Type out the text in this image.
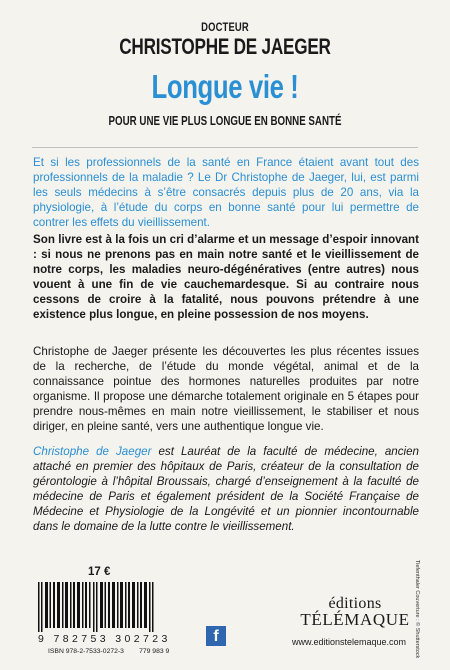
DOCTEUR
CHRISTOPHE DE JAEGER
Longue vie !
POUR UNE VIE PLUS LONGUE EN BONNE SANTÉ
Et si les professionnels de la santé en France étaient avant tout des professionnels de la maladie ? Le Dr Christophe de Jaeger, lui, est parmi les seuls médecins à s’être consacrés depuis plus de 20 ans, via la physiologie, à l’étude du corps en bonne santé pour lui permettre de contrer les effets du vieillissement.
Son livre est à la fois un cri d’alarme et un message d’espoir innovant : si nous ne prenons pas en main notre santé et le vieillissement de notre corps, les maladies neuro-dégénératives (entre autres) nous vouent à une fin de vie cauchemardesque. Si au contraire nous cessons de croire à la fatalité, nous pouvons prétendre à une existence plus longue, en pleine possession de nos moyens.
Christophe de Jaeger présente les découvertes les plus récentes issues de la recherche, de l’étude du monde végétal, animal et de la connaissance pointue des hormones naturelles produites par notre organisme. Il propose une démarche totalement originale en 5 étapes pour prendre nous-mêmes en main notre vieillissement, le stabiliser et nous diriger, en pleine santé, vers une authentique longue vie.
Christophe de Jaeger est Lauréat de la faculté de médecine, ancien attaché en premier des hôpitaux de Paris, créateur de la consultation de gérontologie à l’hôpital Broussais, chargé d’enseignement à la faculté de médecine de Paris et également président de la Société Française de Médecine et Physiologie de la Longévité et un pionnier incontournable dans le domaine de la lutte contre le vieillissement.
17 €
9 782753 302723
ISBN 978-2-7533-0272-3 779 983 9
f
éditions
TÉLÉMAQUE
www.editionstelemaque.com Tiefenthaler Couverture : © Shutterstock
